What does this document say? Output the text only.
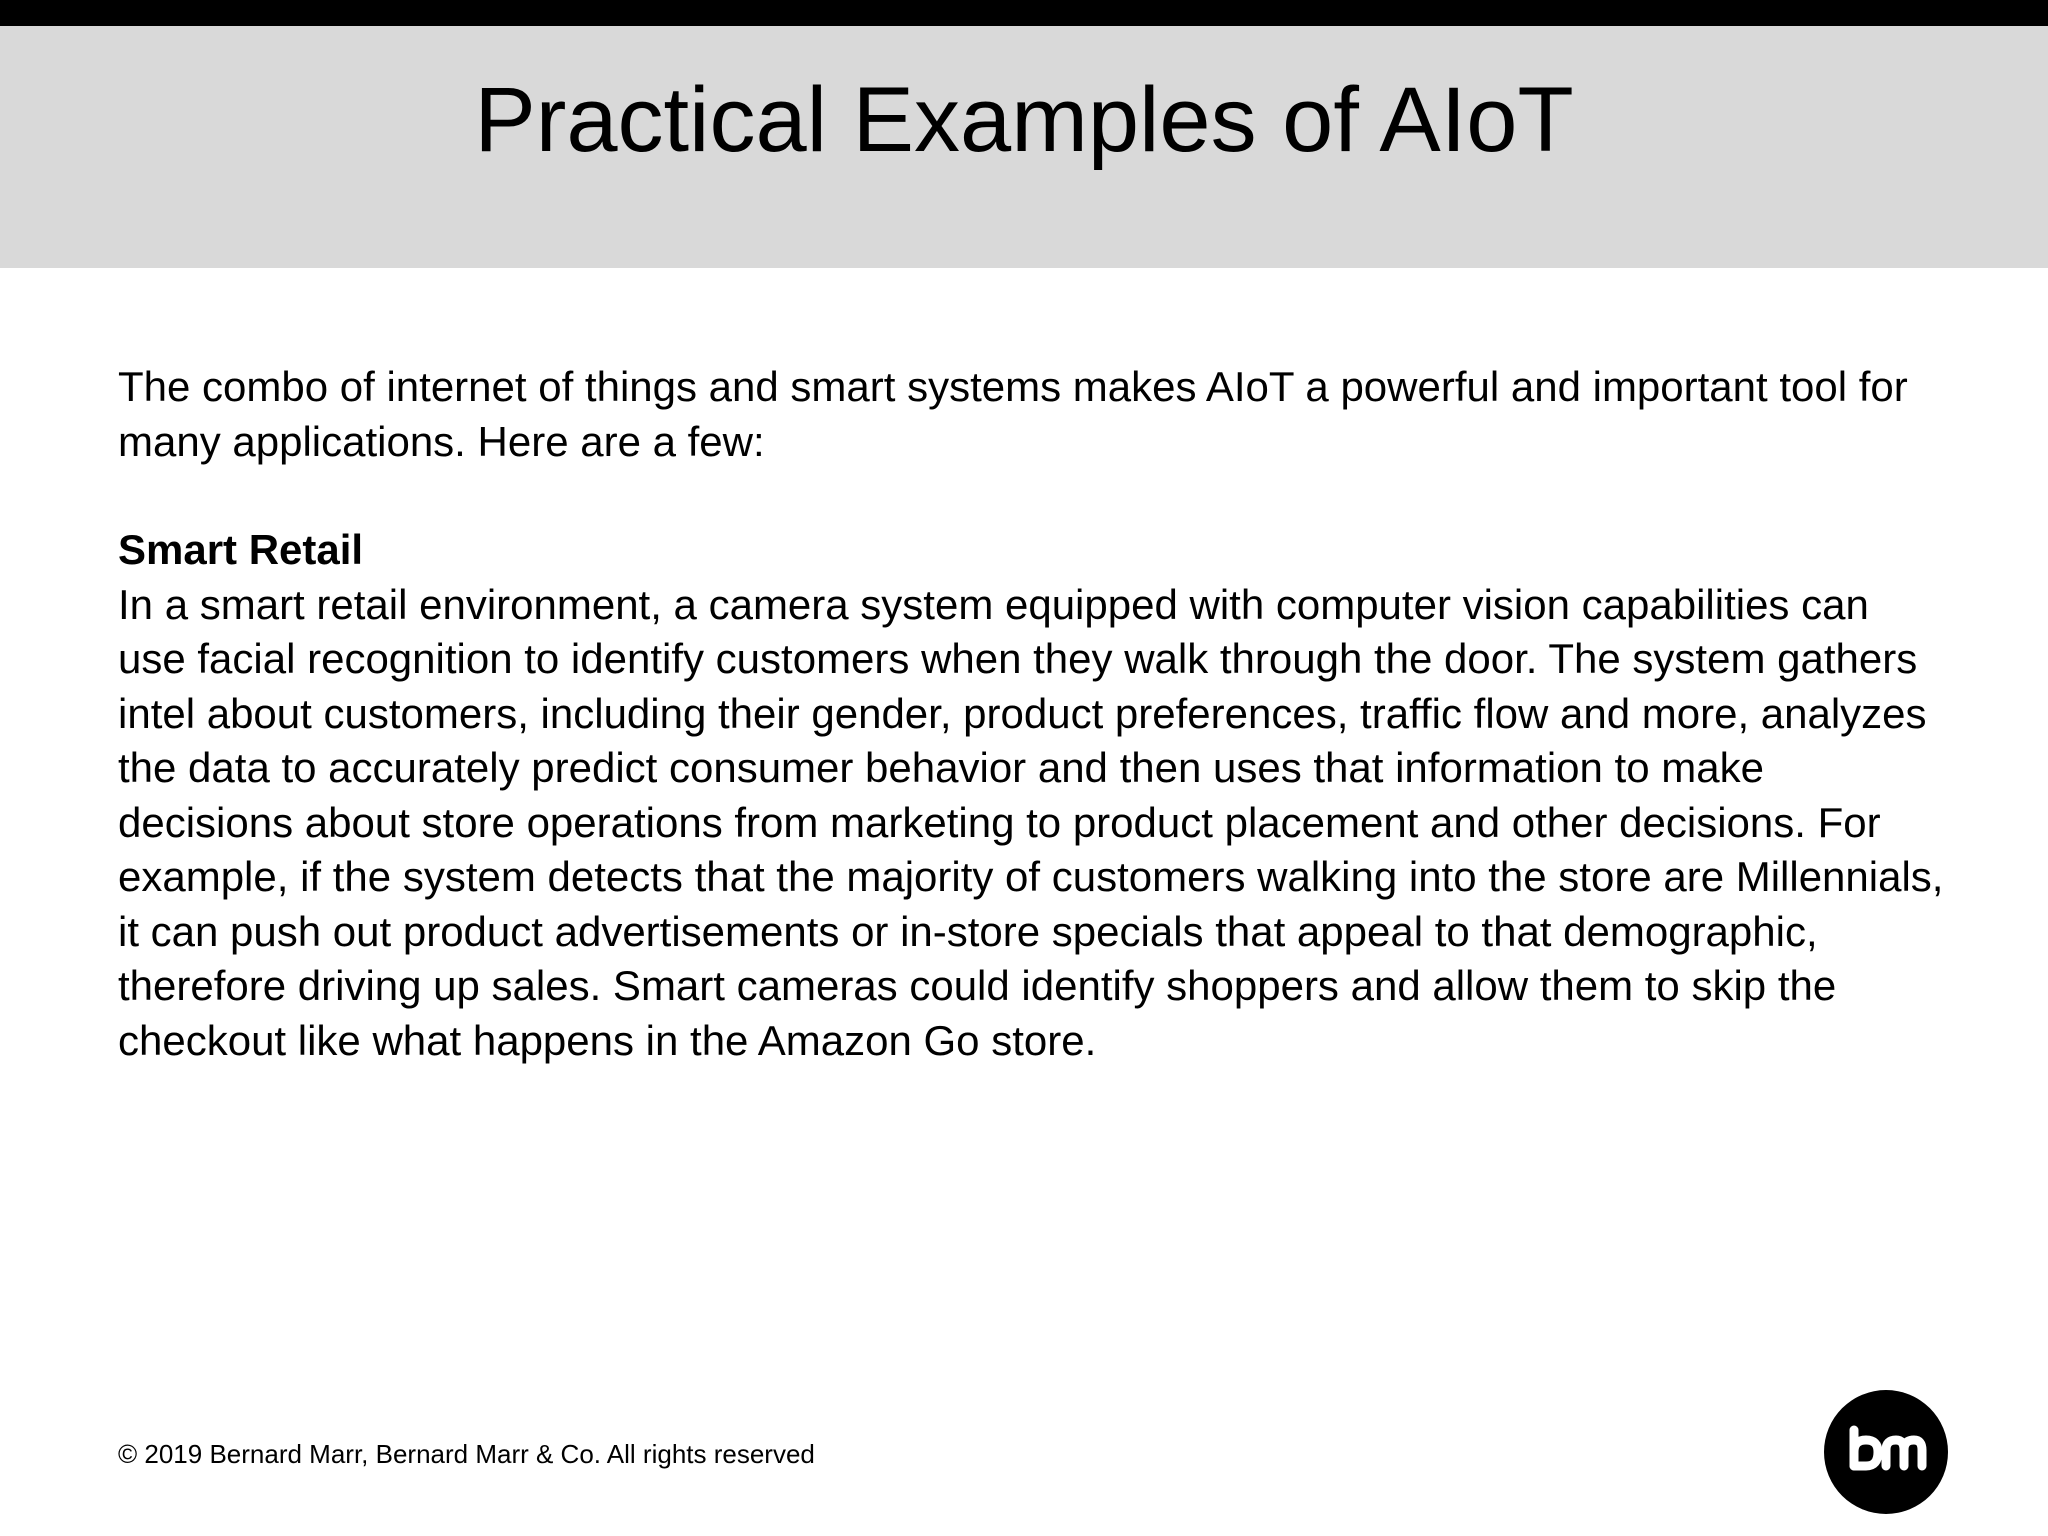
Practical Examples of AIoT

The combo of internet of things and smart systems makes AIoT a powerful and important tool for many applications. Here are a few:

Smart Retail

In a smart retail environment, a camera system equipped with computer vision capabilities can use facial recognition to identify customers when they walk through the door. The system gathers intel about customers, including their gender, product preferences, traffic flow and more, analyzes the data to accurately predict consumer behavior and then uses that information to make decisions about store operations from marketing to product placement and other decisions. For example, if the system detects that the majority of customers walking into the store are Millennials, it can push out product advertisements or in-store specials that appeal to that demographic, therefore driving up sales. Smart cameras could identify shoppers and allow them to skip the checkout like what happens in the Amazon Go store.

© 2019 Bernard Marr, Bernard Marr & Co. All rights reserved
